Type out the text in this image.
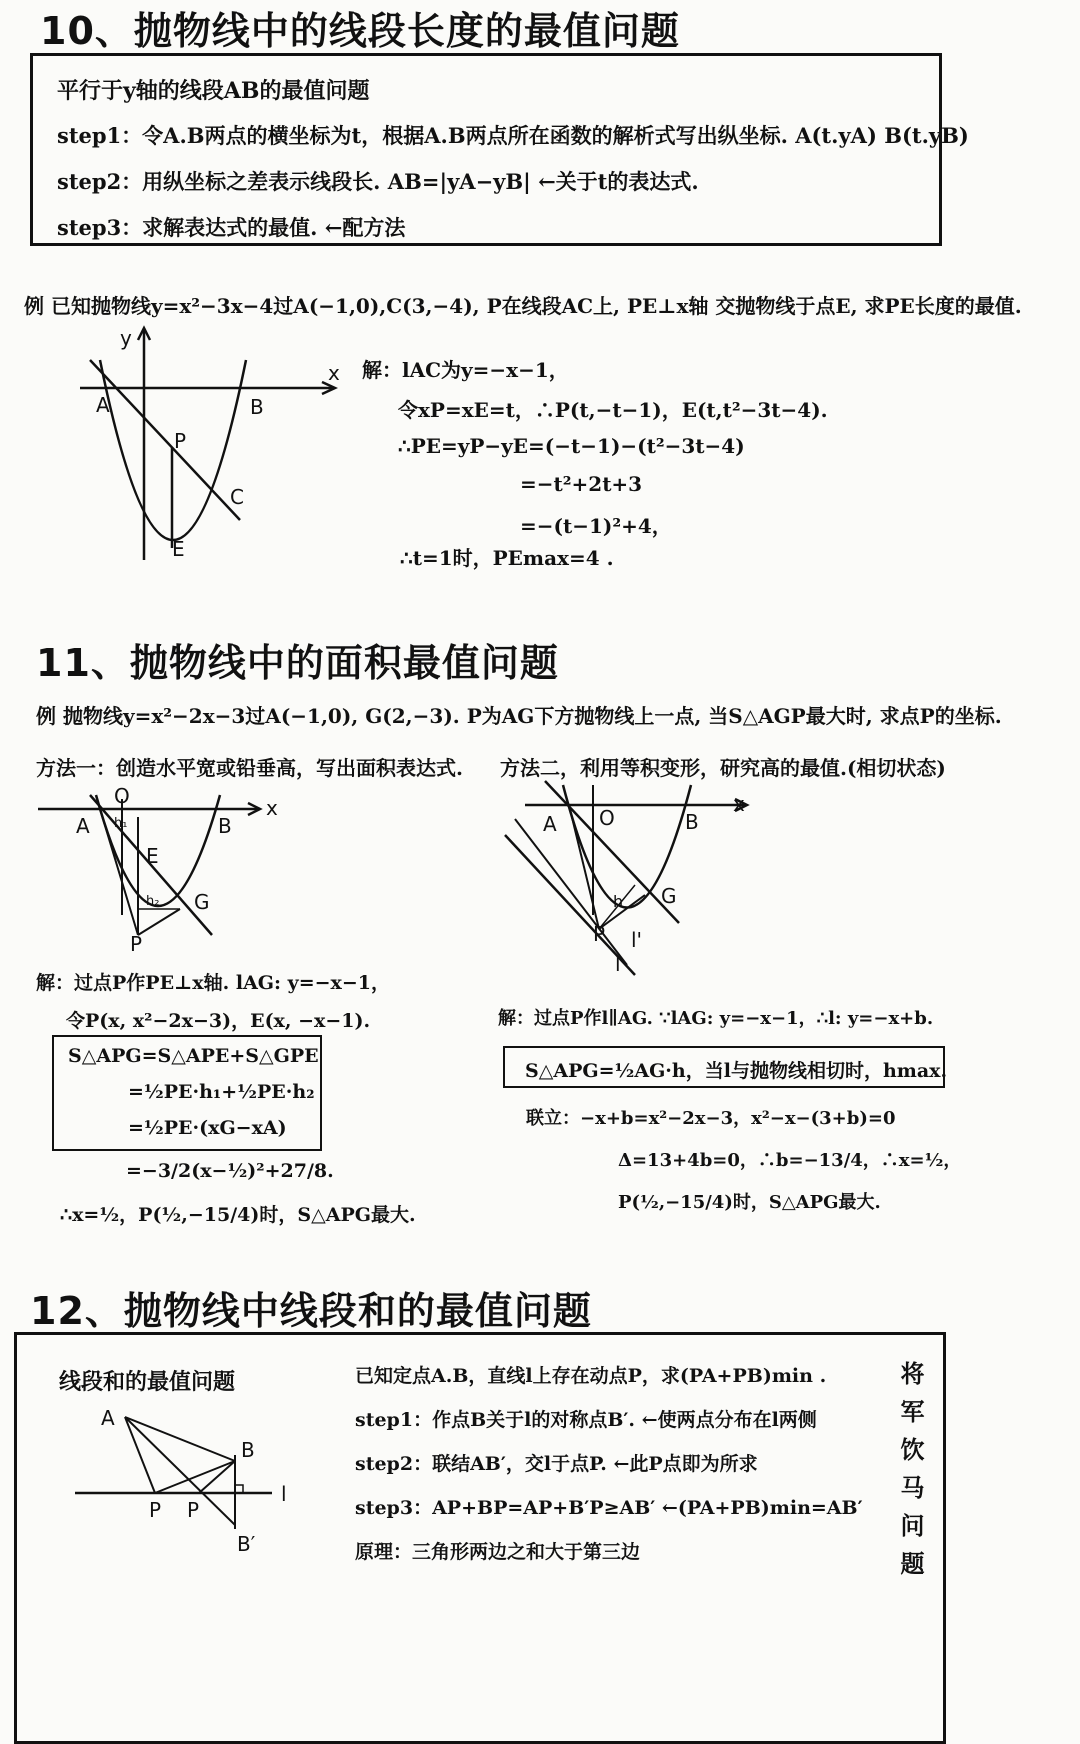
10、抛物线中的线段长度的最值问题
平行于y轴的线段AB的最值问题
step1：令A.B两点的横坐标为t，根据A.B两点所在函数的解析式写出纵坐标. A(t.yA) B(t.yB)
step2：用纵坐标之差表示线段长. AB=|yA−yB| ←关于t的表达式.
step3：求解表达式的最值. ←配方法
例 已知抛物线y=x²−3x−4过A(−1,0),C(3,−4), P在线段AC上, PE⊥x轴 交抛物线于点E, 求PE长度的最值.
y
x
A	B
P
C
E
解：lAC为y=−x−1，
令xP=xE=t，∴P(t,−t−1)，E(t,t²−3t−4).
∴PE=yP−yE=(−t−1)−(t²−3t−4)
=−t²+2t+3
=−(t−1)²+4，
∴t=1时，PEmax=4 .
11、抛物线中的面积最值问题
例 抛物线y=x²−2x−3过A(−1,0), G(2,−3). P为AG下方抛物线上一点, 当S△AGP最大时, 求点P的坐标.
方法一：创造水平宽或铅垂高，写出面积表达式. 方法二，利用等积变形，研究高的最值.(相切状态)
O	x
A	B
E
G
P
h₁
h₂
A O	B
x
G
P
h
l
l'
解：过点P作PE⊥x轴. lAG: y=−x−1，
令P(x, x²−2x−3)，E(x, −x−1).
S△APG=S△APE+S△GPE
=½PE·h₁+½PE·h₂
=½PE·(xG−xA)
=−3/2(x−½)²+27/8.
∴x=½，P(½,−15/4)时，S△APG最大.
解：过点P作l∥AG. ∵lAG: y=−x−1，∴l: y=−x+b.
S△APG=½AG·h，当l与抛物线相切时，hmax.
联立：−x+b=x²−2x−3，x²−x−(3+b)=0
Δ=13+4b=0，∴b=−13/4，∴x=½，
P(½,−15/4)时，S△APG最大.
12、抛物线中线段和的最值问题
线段和的最值问题
A
B
l
P P
B′
已知定点A.B，直线l上存在动点P，求(PA+PB)min .
step1：作点B关于l的对称点B′. ←使两点分布在l两侧
step2：联结AB′，交l于点P. ←此P点即为所求
step3：AP+BP=AP+B′P≥AB′ ←(PA+PB)min=AB′
原理：三角形两边之和大于第三边	将军饮马问题
